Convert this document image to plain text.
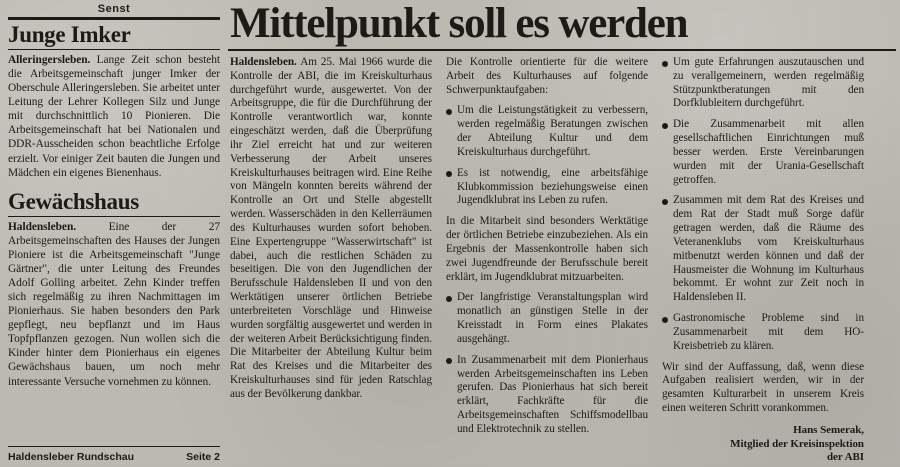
Senst
Junge Imker
Alleringersleben. Lange Zeit schon besteht die Arbeitsgemeinschaft junger Imker der Oberschule Alleringersleben. Sie arbeitet unter Leitung der Lehrer Kollegen Silz und Junge mit durchschnittlich 10 Pionieren. Die Arbeitsgemeinschaft hat bei Nationalen und DDR-Ausscheiden schon beachtliche Erfolge erzielt. Vor einiger Zeit bauten die Jungen und Mädchen ein eigenes Bienenhaus.
Gewächshaus
Haldensleben. Eine der 27 Arbeitsgemeinschaften des Hauses der Jungen Pioniere ist die Arbeitsgemeinschaft "Junge Gärtner", die unter Leitung des Freundes Adolf Golling arbeitet. Zehn Kinder treffen sich regelmäßig zu ihren Nachmittagen im Pionierhaus. Sie haben besonders den Park gepflegt, neu bepflanzt und im Haus Topfpflanzen gezogen. Nun wollen sich die Kinder hinter dem Pionierhaus ein eigenes Gewächshaus bauen, um noch mehr interessante Versuche vornehmen zu können.
Haldensleber Rundschau	Seite 2
Mittelpunkt soll es werden

Haldensleben. Am 25. Mai 1966 wurde die Kontrolle der ABI, die im Kreiskulturhaus durchgeführt wurde, ausgewertet. Von der Arbeitsgruppe, die für die Durchführung der Kontrolle verantwortlich war, konnte eingeschätzt werden, daß die Überprüfung ihr Ziel erreicht hat und zur weiteren Verbesserung der Arbeit unseres Kreiskulturhauses beitragen wird. Eine Reihe von Mängeln konnten bereits während der Kontrolle an Ort und Stelle abgestellt werden. Wasserschäden in den Kellerräumen des Kulturhauses wurden sofort behoben. Eine Expertengruppe "Wasserwirtschaft" ist dabei, auch die restlichen Schäden zu beseitigen. Die von den Jugendlichen der Berufsschule Haldensleben II und von den Werktätigen unserer örtlichen Betriebe unterbreiteten Vorschläge und Hinweise wurden sorgfältig ausgewertet und werden in der weiteren Arbeit Berücksichtigung finden. Die Mitarbeiter der Abteilung Kultur beim Rat des Kreises und die Mitarbeiter des Kreiskulturhauses sind für jeden Ratschlag aus der Bevölkerung dankbar.

Die Kontrolle orientierte für die weitere Arbeit des Kulturhauses auf folgende Schwerpunktaufgaben:

Um die Leistungstätigkeit zu verbessern, werden regelmäßig Beratungen zwischen der Abteilung Kultur und dem Kreiskulturhaus durchgeführt.

Es ist notwendig, eine arbeitsfähige Klubkommission beziehungsweise einen Jugendklubrat ins Leben zu rufen.

In die Mitarbeit sind besonders Werktätige der örtlichen Betriebe einzubeziehen. Als ein Ergebnis der Massenkontrolle haben sich zwei Jugendfreunde der Berufsschule bereit erklärt, im Jugendklubrat mitzuarbeiten.

Der langfristige Veranstaltungsplan wird monatlich an günstigen Stelle in der Kreisstadt in Form eines Plakates ausgehängt.

In Zusammenarbeit mit dem Pionierhaus werden Arbeitsgemeinschaften ins Leben gerufen. Das Pionierhaus hat sich bereit erklärt, Fachkräfte für die Arbeitsgemeinschaften Schiffsmodellbau und Elektrotechnik zu stellen.

Um gute Erfahrungen auszutauschen und zu verallgemeinern, werden regelmäßig Stützpunktberatungen mit den Dorfklubleitern durchgeführt.

Die Zusammenarbeit mit allen gesellschaftlichen Einrichtungen muß besser werden. Erste Vereinbarungen wurden mit der Urania-Gesellschaft getroffen.

Zusammen mit dem Rat des Kreises und dem Rat der Stadt muß Sorge dafür getragen werden, daß die Räume des Veteranenklubs vom Kreiskulturhaus mitbenutzt werden können und daß der Hausmeister die Wohnung im Kulturhaus bekommt. Er wohnt zur Zeit noch in Haldensleben II.

Gastronomische Probleme sind in Zusammenarbeit mit dem HO-Kreisbetrieb zu klären.

Wir sind der Auffassung, daß, wenn diese Aufgaben realisiert werden, wir in der gesamten Kulturarbeit in unserem Kreis einen weiteren Schritt vorankommen.

Hans Semerak,
Mitglied der Kreisinspektion
der ABI
